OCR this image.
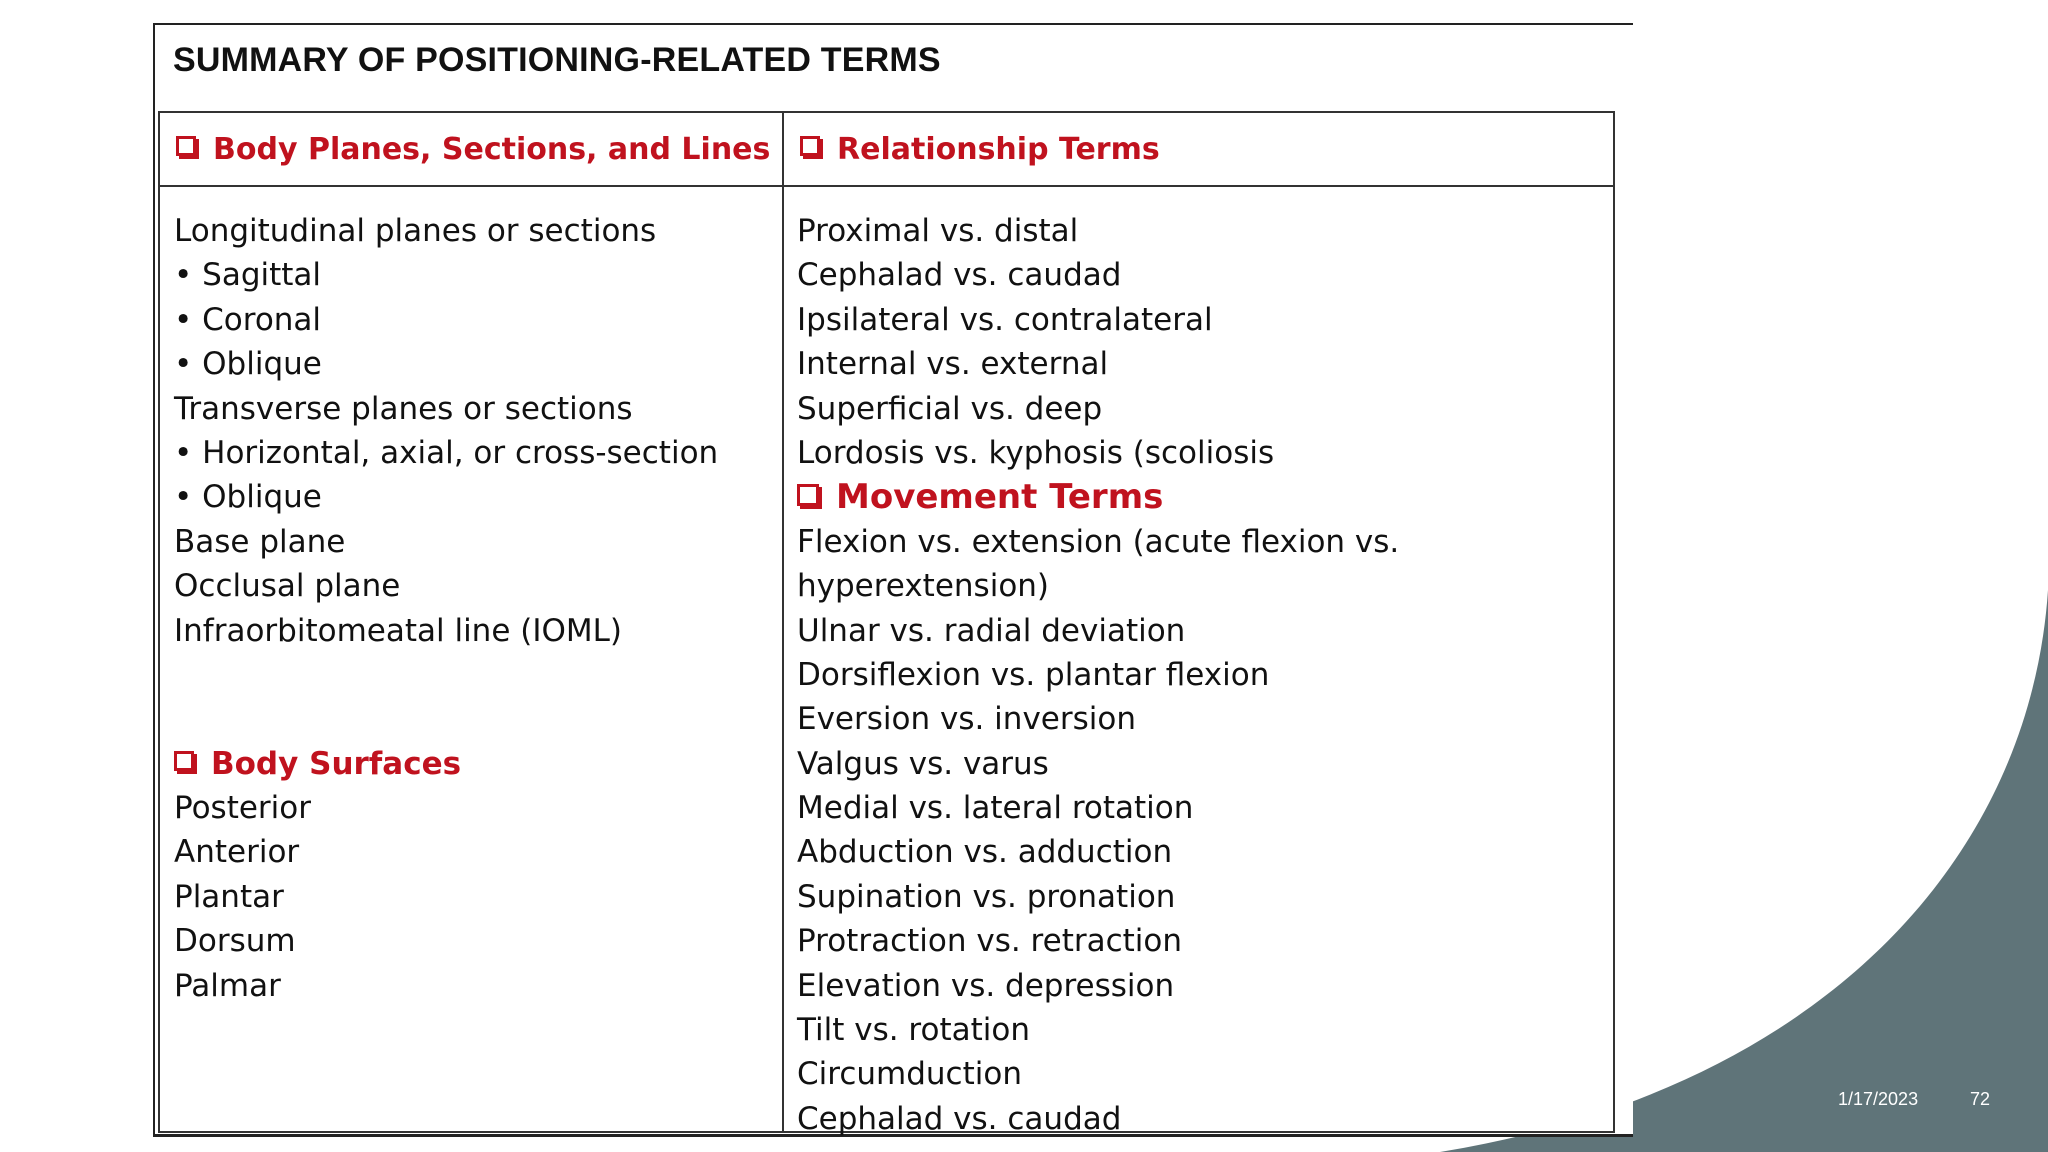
SUMMARY OF POSITIONING-RELATED TERMS
Body Planes, Sections, and Lines Relationship Terms
Longitudinal planes or sections
• Sagittal
• Coronal
• Oblique
Transverse planes or sections
• Horizontal, axial, or cross-section
• Oblique
Base plane
Occlusal plane
Infraorbitomeatal line (IOML)
Body Surfaces
Posterior
Anterior
Plantar
Dorsum
Palmar
Proximal vs. distal
Cephalad vs. caudad
Ipsilateral vs. contralateral
Internal vs. external
Superficial vs. deep
Lordosis vs. kyphosis (scoliosis
Movement Terms
Flexion vs. extension (acute flexion vs.
hyperextension)
Ulnar vs. radial deviation
Dorsiflexion vs. plantar flexion
Eversion vs. inversion
Valgus vs. varus
Medial vs. lateral rotation
Abduction vs. adduction
Supination vs. pronation
Protraction vs. retraction
Elevation vs. depression
Tilt vs. rotation
Circumduction
Cephalad vs. caudad
1/17/2023	72
